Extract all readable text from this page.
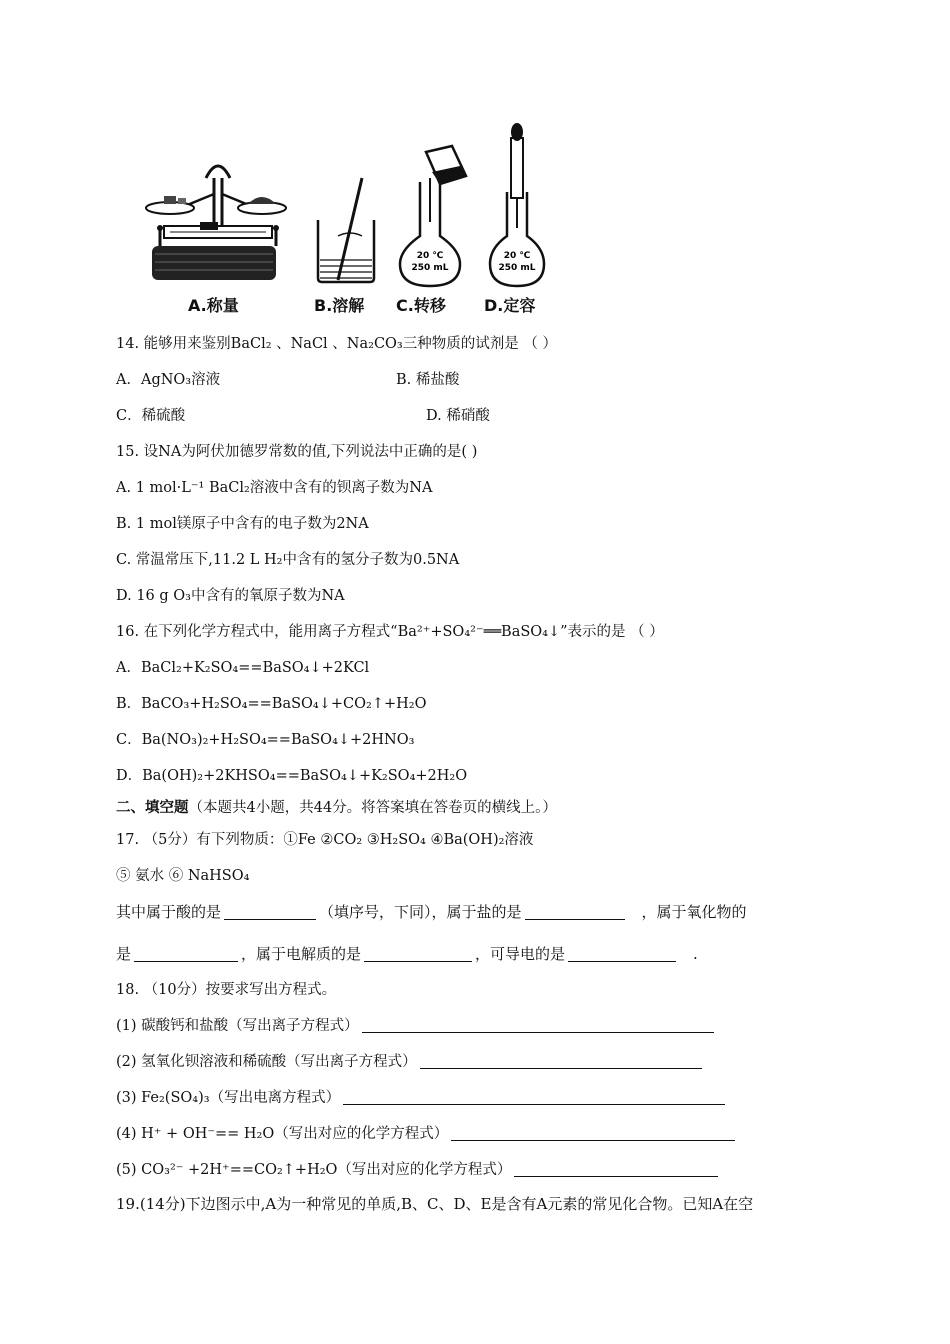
20 ℃
250 mL
20 ℃
250 mL
A.称量	B.溶解 C.转移 D.定容
14. 能够用来鉴别BaCl₂ 、NaCl 、Na₂CO₃三种物质的试剂是 （ ）
A．AgNO₃溶液	B. 稀盐酸
C．稀硫酸	D. 稀硝酸
15. 设NA为阿伏加德罗常数的值,下列说法中正确的是( )
A. 1 mol·L⁻¹ BaCl₂溶液中含有的钡离子数为NA
B. 1 mol镁原子中含有的电子数为2NA
C. 常温常压下,11.2 L H₂中含有的氢分子数为0.5NA
D. 16 g O₃中含有的氧原子数为NA
16. 在下列化学方程式中，能用离子方程式“Ba²⁺+SO₄²⁻══BaSO₄↓”表示的是 （ ）
A．BaCl₂+K₂SO₄==BaSO₄↓+2KCl
B．BaCO₃+H₂SO₄==BaSO₄↓+CO₂↑+H₂O
C．Ba(NO₃)₂+H₂SO₄==BaSO₄↓+2HNO₃
D．Ba(OH)₂+2KHSO₄==BaSO₄↓+K₂SO₄+2H₂O
二、填空题（本题共4小题，共44分。将答案填在答卷页的横线上。）
17. （5分）有下列物质：①Fe ②CO₂ ③H₂SO₄ ④Ba(OH)₂溶液
⑤ 氨水 ⑥ NaHSO₄
其中属于酸的是	（填序号，下同），属于盐的是	，属于氧化物的
是	，属于电解质的是	，可导电的是	.
18. （10分）按要求写出方程式。
(1) 碳酸钙和盐酸（写出离子方程式）
(2) 氢氧化钡溶液和稀硫酸（写出离子方程式）
(3) Fe₂(SO₄)₃（写出电离方程式）
(4) H⁺ + OH⁻== H₂O（写出对应的化学方程式）
(5) CO₃²⁻ +2H⁺==CO₂↑+H₂O（写出对应的化学方程式）
19.(14分)下边图示中,A为一种常见的单质,B、C、D、E是含有A元素的常见化合物。已知A在空
